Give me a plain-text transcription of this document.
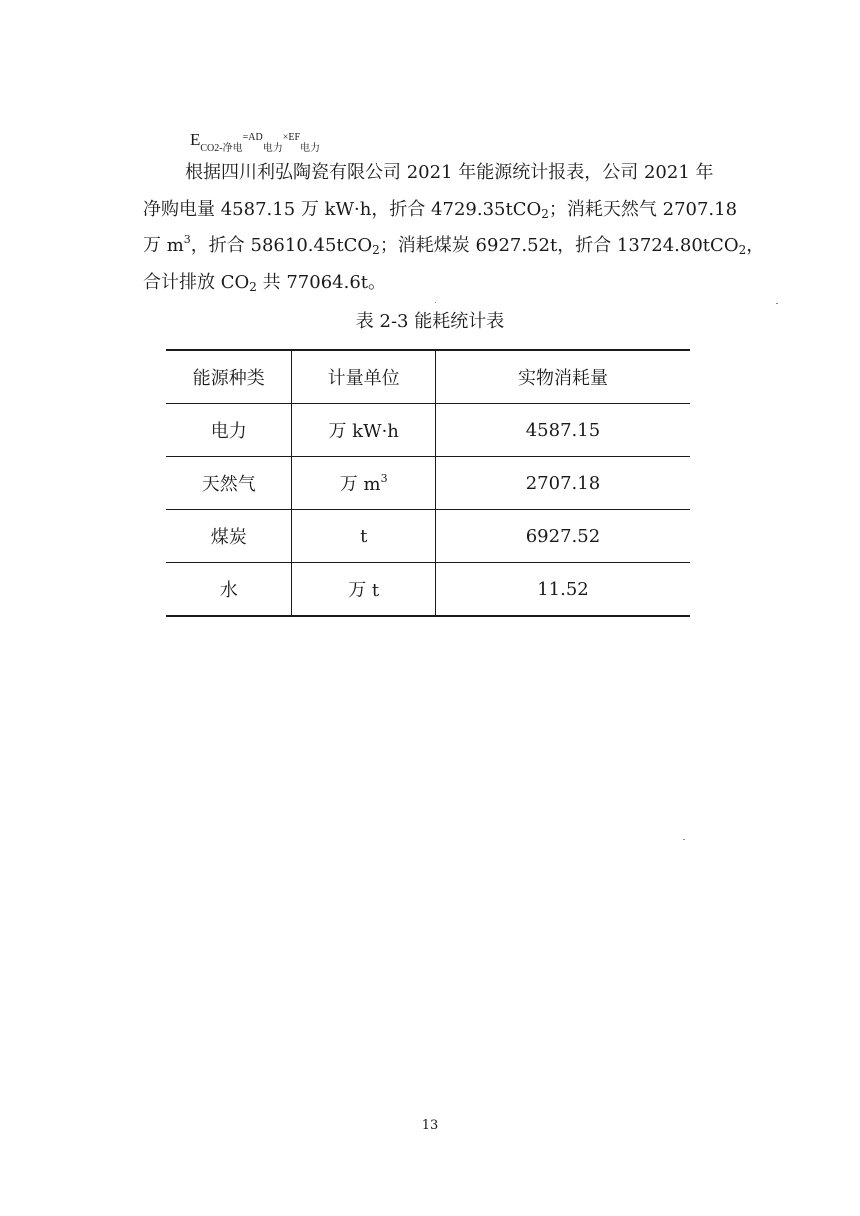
$E_{CO2-净电}^{=AD}_{电力}^{\times EF}_{电力}$
根据四川利弘陶瓷有限公司 2021 年能源统计报表，公司 2021 年
净购电量 4587.15 万 kW·h，折合 4729.35tCO$_2$；消耗天然气 2707.18
万 $m^3$，折合 58610.45tCO$_2$；消耗煤炭 6927.52t，折合 13724.80tCO$_2$，
合计排放 $CO_2$ 共 77064.6t。
表 2-3 能耗统计表
能源种类	计量单位	实物消耗量
电力	万 kW·h	4587.15
天然气	万 $m^3$	2707.18
煤炭	t	6927.52
水	万 t	11.52
13
